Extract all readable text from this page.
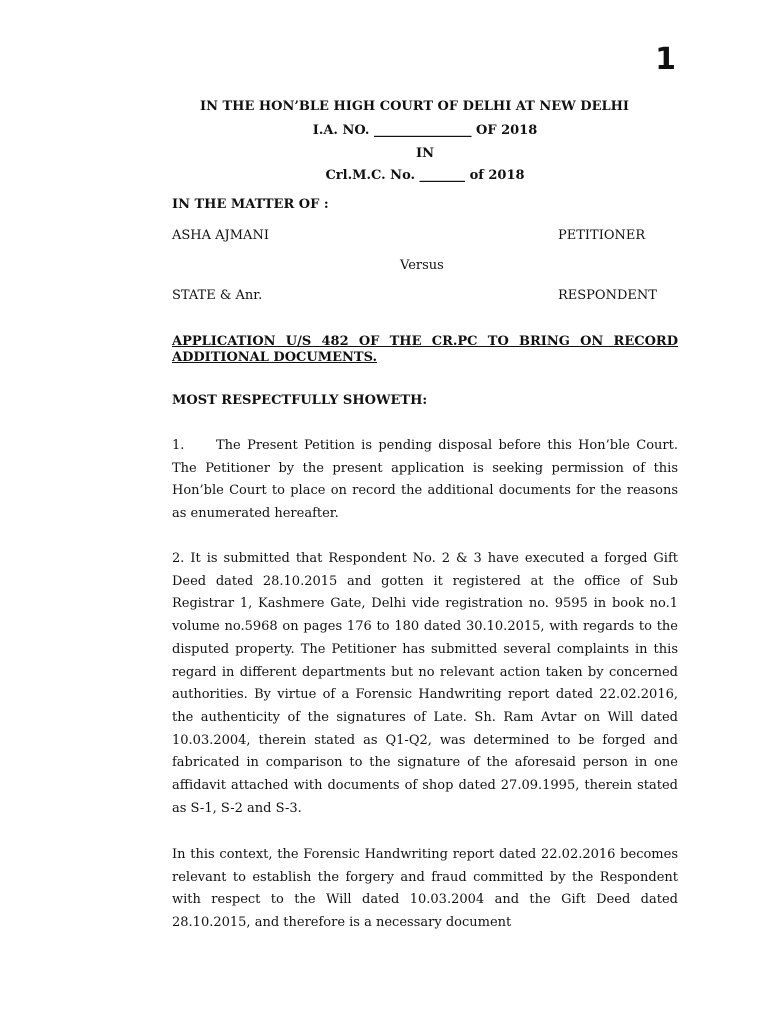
1
IN THE HON’BLE HIGH COURT OF DELHI AT NEW DELHI
I.A. NO. _______________ OF 2018
IN
Crl.M.C. No. _______ of 2018
IN THE MATTER OF :
ASHA AJMANI	PETITIONER
Versus
STATE & Anr.	RESPONDENT
APPLICATION U/S 482 OF THE CR.PC TO BRING ON RECORD ADDITIONAL DOCUMENTS.
MOST RESPECTFULLY SHOWETH:
1. The Present Petition is pending disposal before this Hon’ble Court. The Petitioner by the present application is seeking permission of this Hon’ble Court to place on record the additional documents for the reasons as enumerated hereafter.
2. It is submitted that Respondent No. 2 & 3 have executed a forged Gift Deed dated 28.10.2015 and gotten it registered at the office of Sub Registrar 1, Kashmere Gate, Delhi vide registration no. 9595 in book no.1 volume no.5968 on pages 176 to 180 dated 30.10.2015, with regards to the disputed property. The Petitioner has submitted several complaints in this regard in different departments but no relevant action taken by concerned authorities. By virtue of a Forensic Handwriting report dated 22.02.2016, the authenticity of the signatures of Late. Sh. Ram Avtar on Will dated 10.03.2004, therein stated as Q1-Q2, was determined to be forged and fabricated in comparison to the signature of the aforesaid person in one affidavit attached with documents of shop dated 27.09.1995, therein stated as S-1, S-2 and S-3.
In this context, the Forensic Handwriting report dated 22.02.2016 becomes relevant to establish the forgery and fraud committed by the Respondent with respect to the Will dated 10.03.2004 and the Gift Deed dated 28.10.2015, and therefore is a necessary document
